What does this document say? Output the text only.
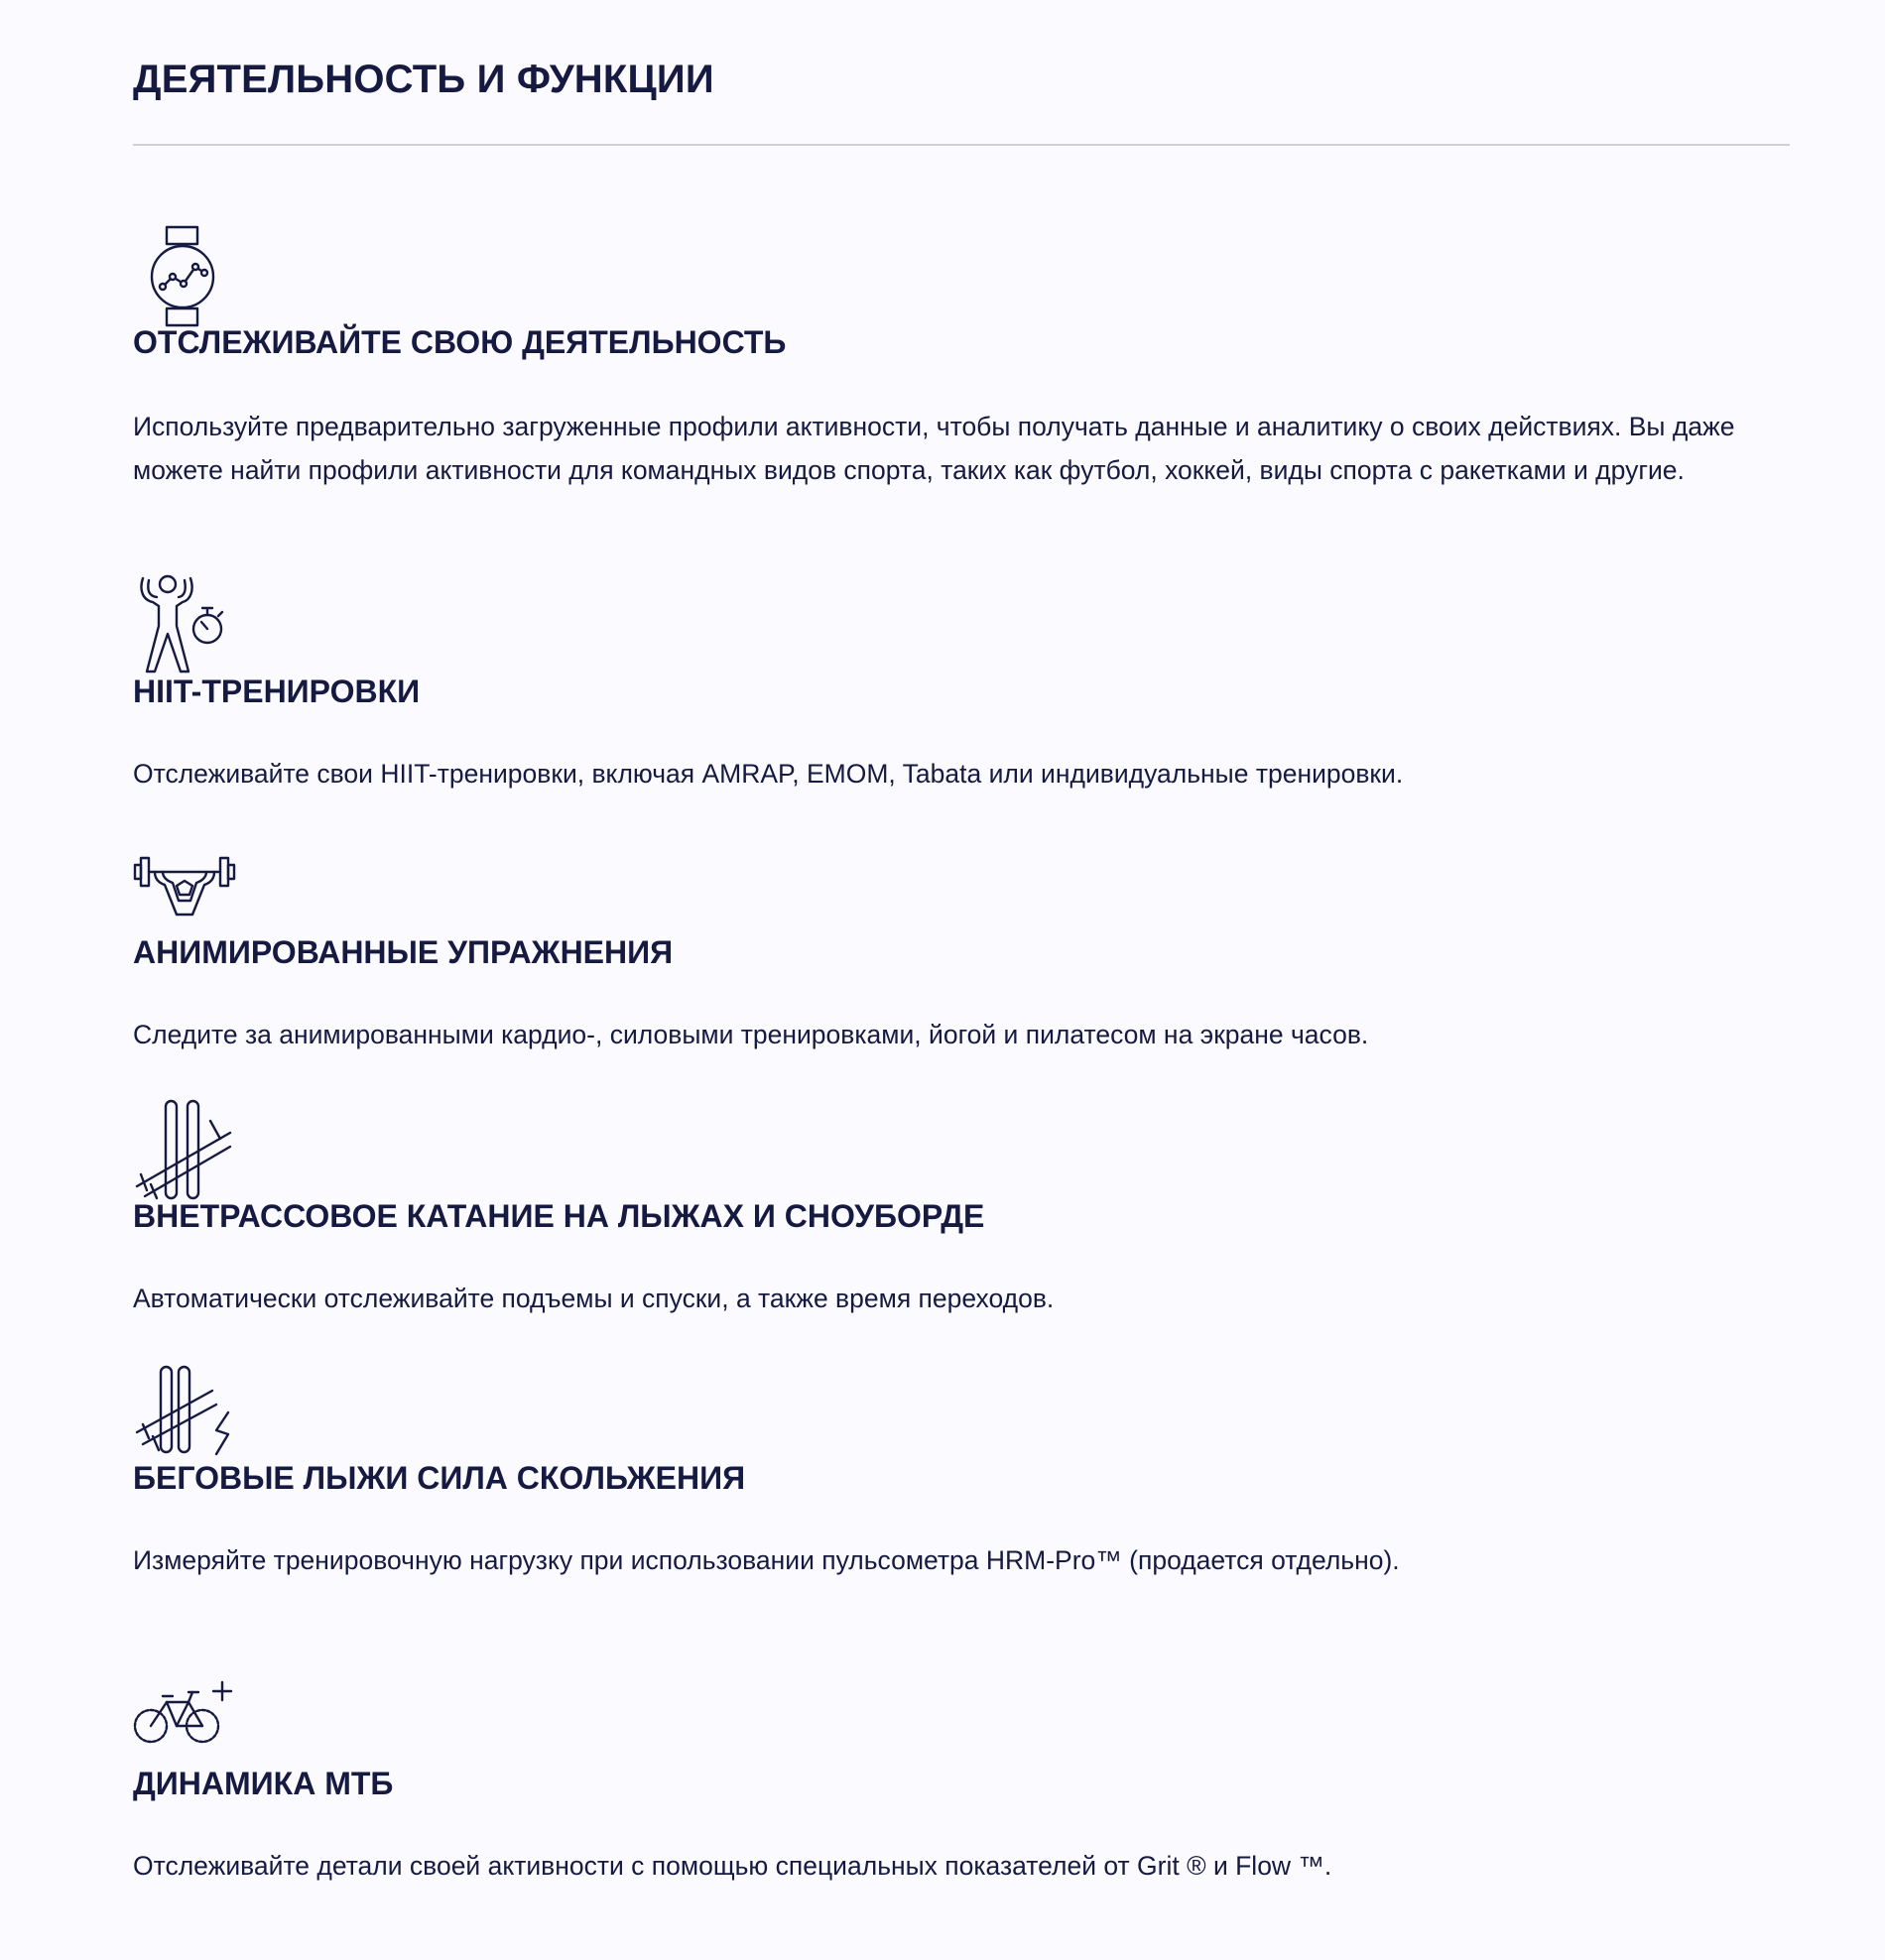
ДЕЯТЕЛЬНОСТЬ И ФУНКЦИИ
ОТСЛЕЖИВАЙТЕ СВОЮ ДЕЯТЕЛЬНОСТЬ

Используйте предварительно загруженные профили активности, чтобы получать данные и аналитику о своих действиях. Вы даже можете найти профили активности для командных видов спорта, таких как футбол, хоккей, виды спорта с ракетками и другие.

HIIT-ТРЕНИРОВКИ

Отслеживайте свои HIIT-тренировки, включая AMRAP, EMOM, Tabata или индивидуальные тренировки.

АНИМИРОВАННЫЕ УПРАЖНЕНИЯ

Следите за анимированными кардио-, силовыми тренировками, йогой и пилатесом на экране часов.

ВНЕТРАССОВОЕ КАТАНИЕ НА ЛЫЖАХ И СНОУБОРДЕ

Автоматически отслеживайте подъемы и спуски, а также время переходов.

БЕГОВЫЕ ЛЫЖИ СИЛА СКОЛЬЖЕНИЯ

Измеряйте тренировочную нагрузку при использовании пульсометра HRM-Pro™ (продается отдельно).

ДИНАМИКА МТБ

Отслеживайте детали своей активности с помощью специальных показателей от Grit ® и Flow ™.
